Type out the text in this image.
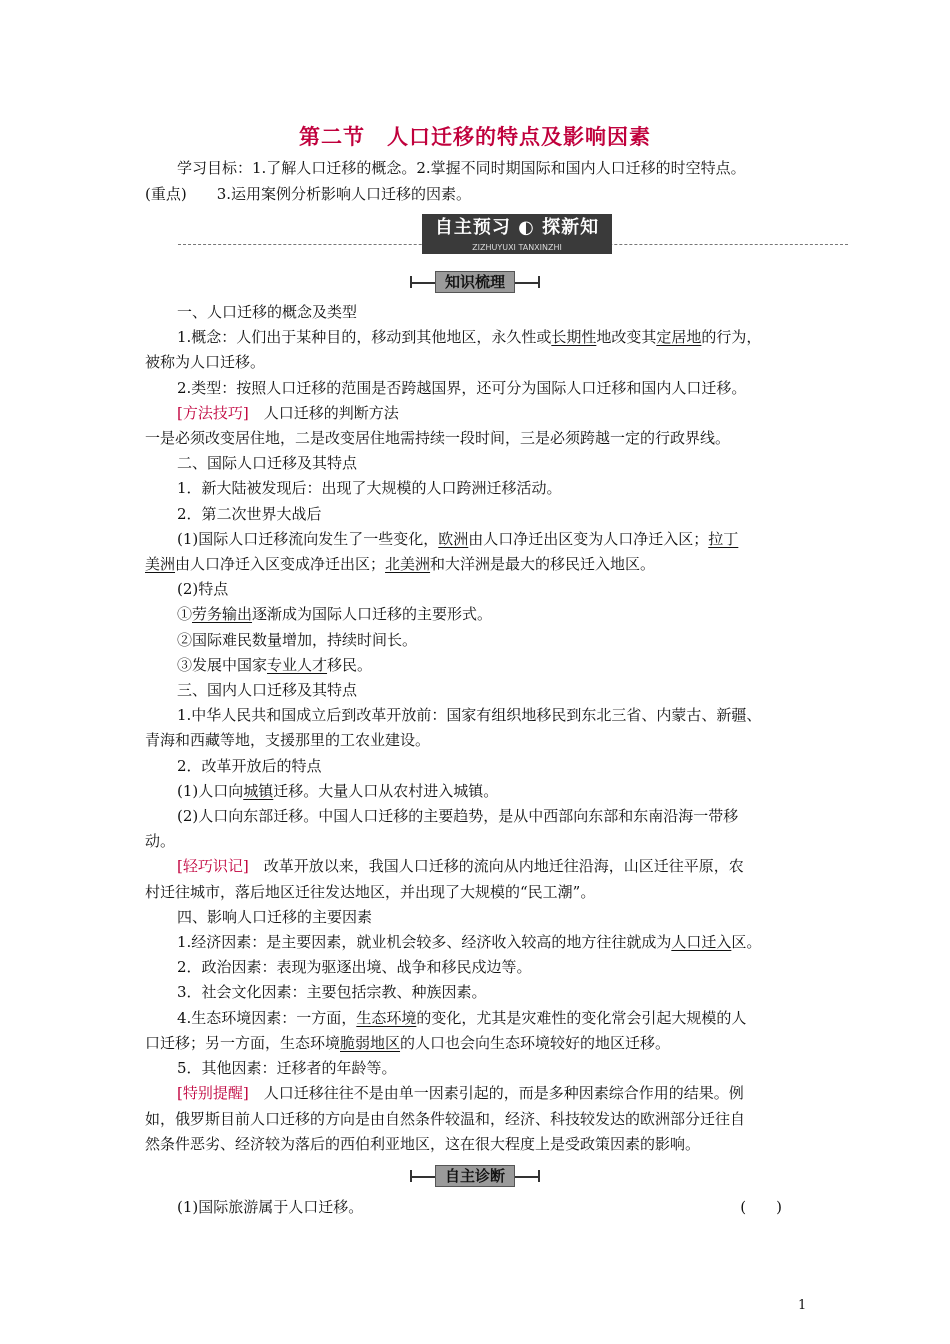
第二节　人口迁移的特点及影响因素
学习目标：1.了解人口迁移的概念。2.掌握不同时期国际和国内人口迁移的时空特点。
(重点)　　3.运用案例分析影响人口迁移的因素。
自主预习 ◐ 探新知
ZIZHUYUXI TANXINZHI
知识梳理

一、人口迁移的概念及类型

1.概念：人们出于某种目的，移动到其他地区，永久性或长期性地改变其定居地的行为，

被称为人口迁移。

2.类型：按照人口迁移的范围是否跨越国界，还可分为国际人口迁移和国内人口迁移。

[方法技巧]　人口迁移的判断方法

一是必须改变居住地，二是改变居住地需持续一段时间，三是必须跨越一定的行政界线。

二、国际人口迁移及其特点

1．新大陆被发现后：出现了大规模的人口跨洲迁移活动。

2．第二次世界大战后

(1)国际人口迁移流向发生了一些变化，欧洲由人口净迁出区变为人口净迁入区；拉丁

美洲由人口净迁入区变成净迁出区；北美洲和大洋洲是最大的移民迁入地区。

(2)特点

①劳务输出逐渐成为国际人口迁移的主要形式。

②国际难民数量增加，持续时间长。

③发展中国家专业人才移民。

三、国内人口迁移及其特点

1.中华人民共和国成立后到改革开放前：国家有组织地移民到东北三省、内蒙古、新疆、

青海和西藏等地，支援那里的工农业建设。

2．改革开放后的特点

(1)人口向城镇迁移。大量人口从农村进入城镇。

(2)人口向东部迁移。中国人口迁移的主要趋势，是从中西部向东部和东南沿海一带移

动。

[轻巧识记]　改革开放以来，我国人口迁移的流向从内地迁往沿海，山区迁往平原，农

村迁往城市，落后地区迁往发达地区，并出现了大规模的“民工潮”。

四、影响人口迁移的主要因素

1.经济因素：是主要因素，就业机会较多、经济收入较高的地方往往就成为人口迁入区。

2．政治因素：表现为驱逐出境、战争和移民戍边等。

3．社会文化因素：主要包括宗教、种族因素。

4.生态环境因素：一方面，生态环境的变化，尤其是灾难性的变化常会引起大规模的人

口迁移；另一方面，生态环境脆弱地区的人口也会向生态环境较好的地区迁移。

5．其他因素：迁移者的年龄等。

[特别提醒]　人口迁移往往不是由单一因素引起的，而是多种因素综合作用的结果。例

如，俄罗斯目前人口迁移的方向是由自然条件较温和，经济、科技较发达的欧洲部分迁往自

然条件恶劣、经济较为落后的西伯利亚地区，这在很大程度上是受政策因素的影响。

自主诊断
(1)国际旅游属于人口迁移。	(　　)
1
